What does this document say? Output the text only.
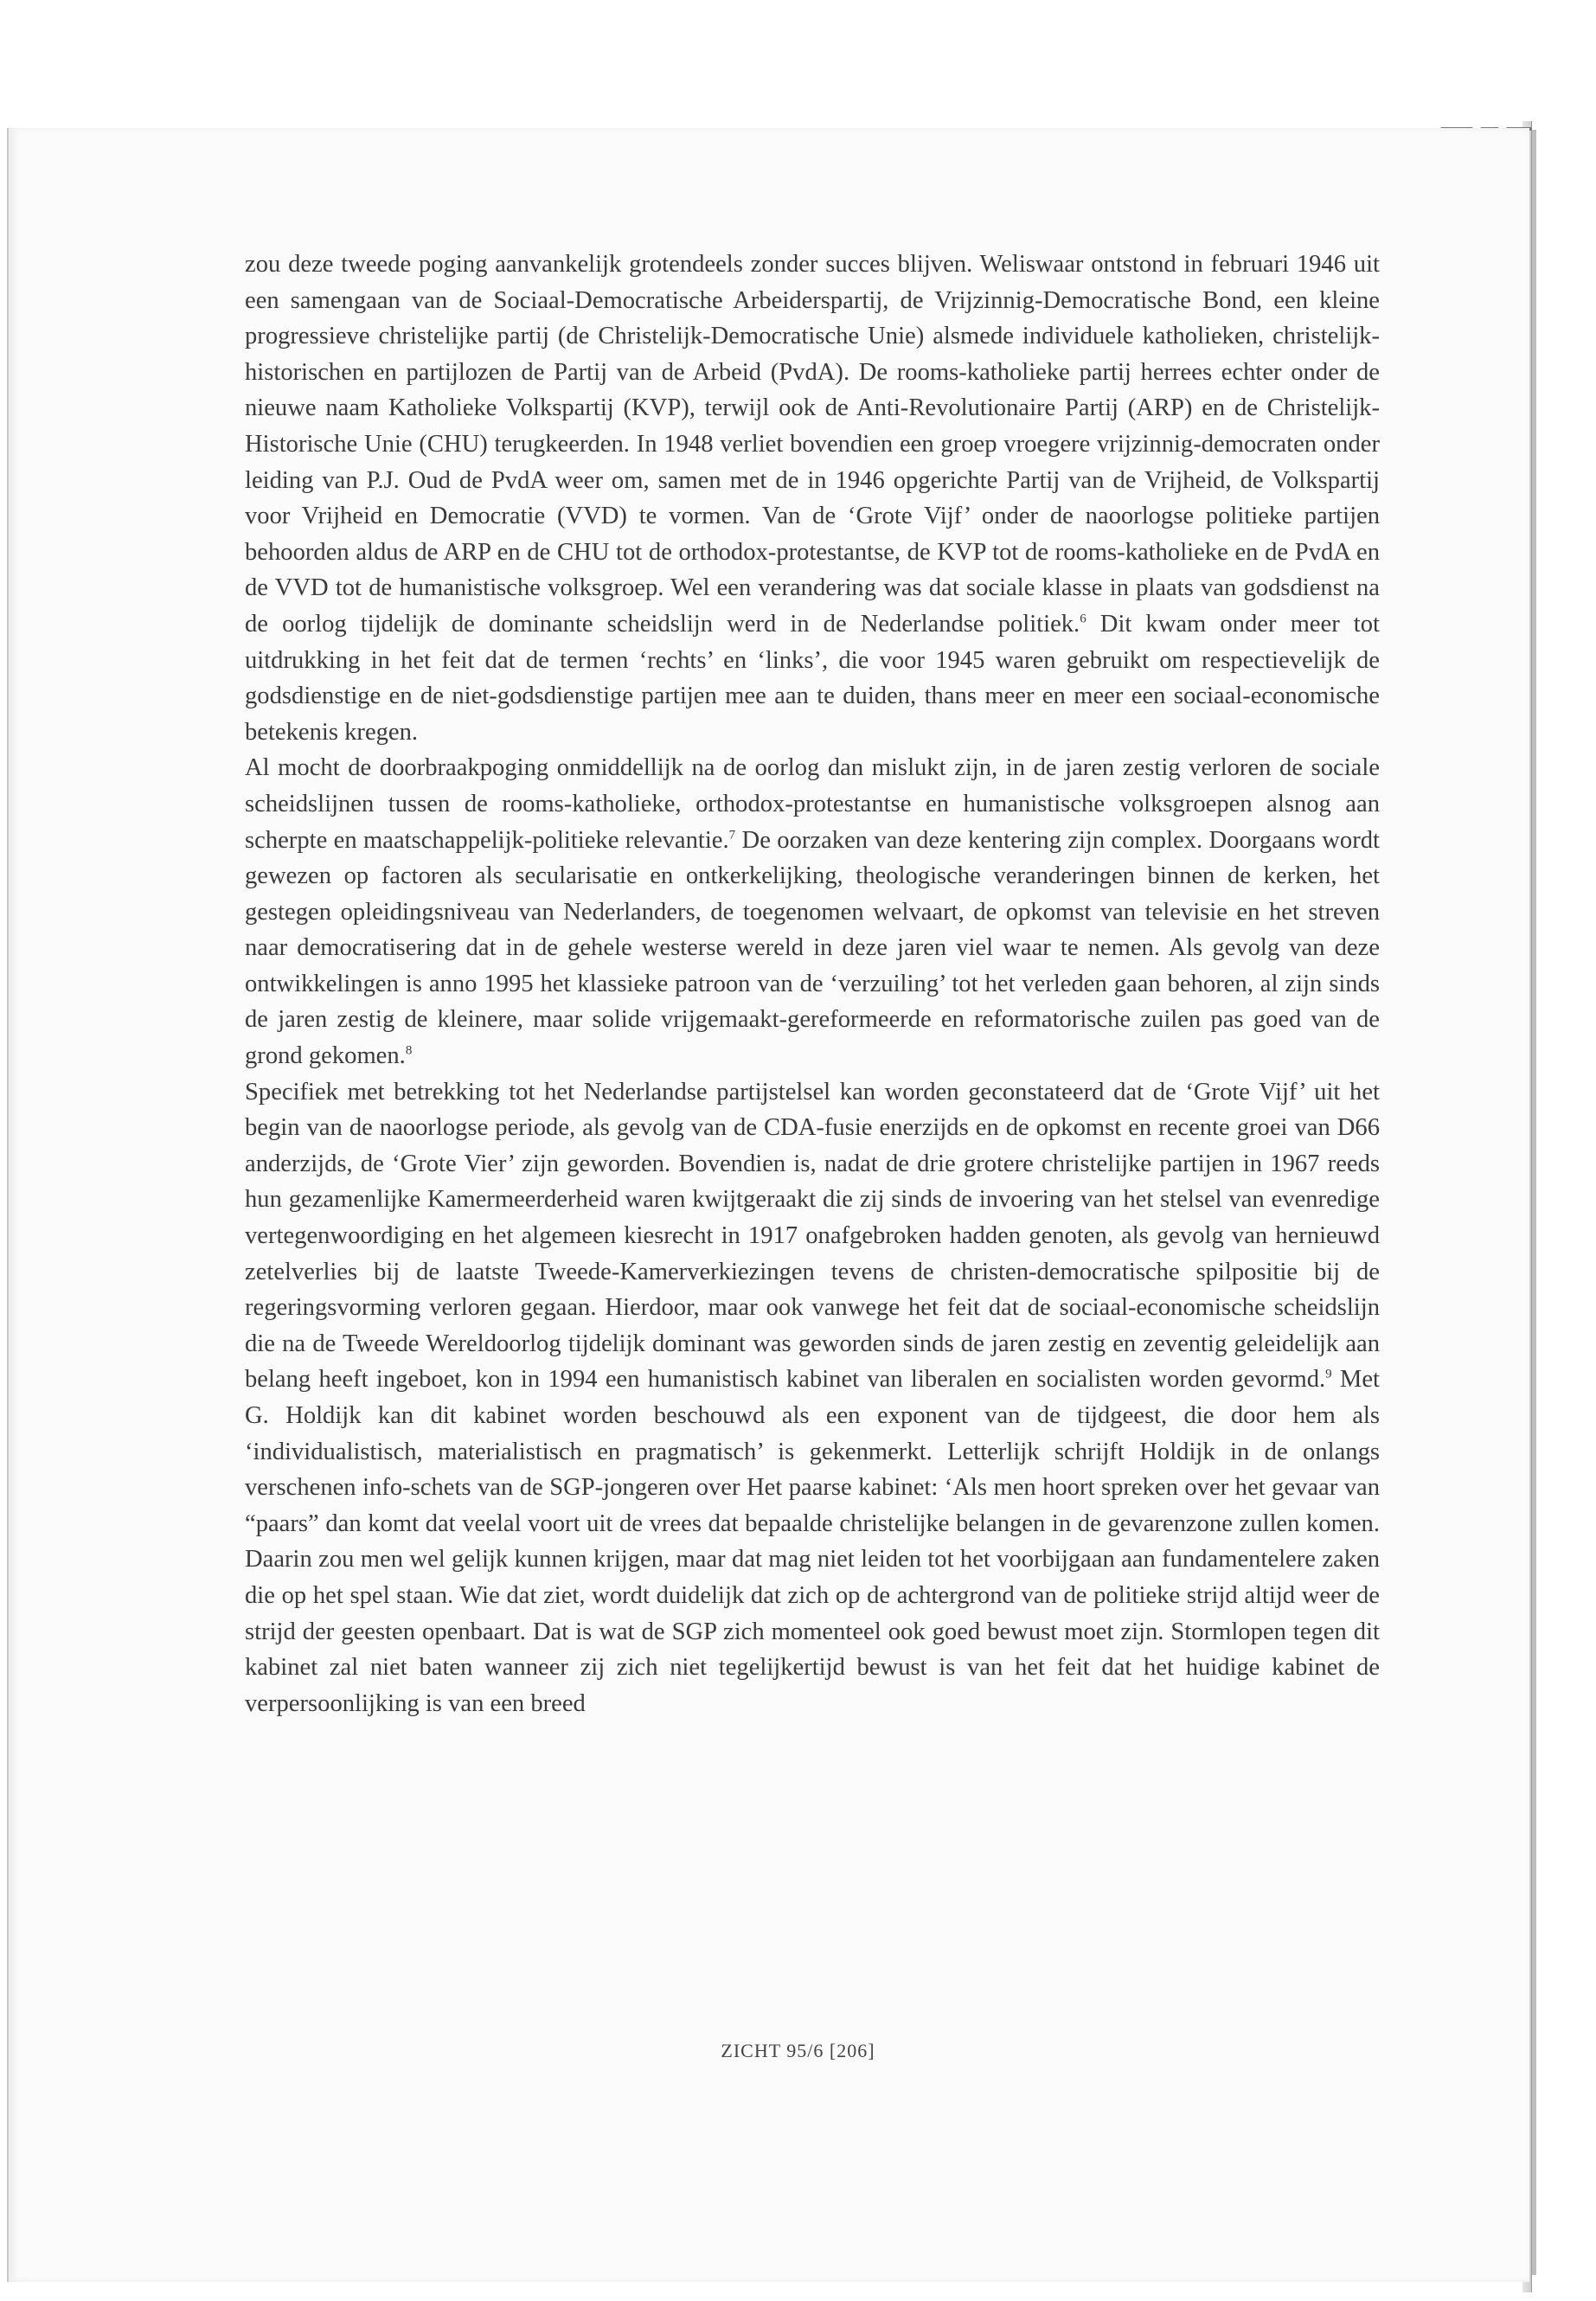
zou deze tweede poging aanvankelijk grotendeels zonder succes blijven. Weliswaar ontstond in februari 1946 uit een samengaan van de Sociaal-Democratische Arbeiderspartij, de Vrijzinnig-Democratische Bond, een kleine progressieve christelijke partij (de Christelijk-Democratische Unie) alsmede individuele katholieken, christelijk-historischen en partijlozen de Partij van de Arbeid (PvdA). De rooms-katholieke partij herrees echter onder de nieuwe naam Katholieke Volkspartij (KVP), terwijl ook de Anti-Revolutionaire Partij (ARP) en de Christelijk-Historische Unie (CHU) terugkeerden. In 1948 verliet bovendien een groep vroegere vrijzinnig-democraten onder leiding van P.J. Oud de PvdA weer om, samen met de in 1946 opgerichte Partij van de Vrijheid, de Volkspartij voor Vrijheid en Democratie (VVD) te vormen. Van de ‘Grote Vijf’ onder de naoorlogse politieke partijen behoorden aldus de ARP en de CHU tot de orthodox-protestantse, de KVP tot de rooms-katholieke en de PvdA en de VVD tot de humanistische volksgroep. Wel een verandering was dat sociale klasse in plaats van godsdienst na de oorlog tijdelijk de dominante scheidslijn werd in de Nederlandse politiek.$^6$ Dit kwam onder meer tot uitdrukking in het feit dat de termen ‘rechts’ en ‘links’, die voor 1945 waren gebruikt om respectievelijk de godsdienstige en de niet-godsdienstige partijen mee aan te duiden, thans meer en meer een sociaal-economische betekenis kregen.

Al mocht de doorbraakpoging onmiddellijk na de oorlog dan mislukt zijn, in de jaren zestig verloren de sociale scheidslijnen tussen de rooms-katholieke, orthodox-protestantse en humanistische volksgroepen alsnog aan scherpte en maatschappelijk-politieke relevantie.$^7$ De oorzaken van deze kentering zijn complex. Doorgaans wordt gewezen op factoren als secularisatie en ontkerkelijking, theologische veranderingen binnen de kerken, het gestegen opleidingsniveau van Nederlanders, de toegenomen welvaart, de opkomst van televisie en het streven naar democratisering dat in de gehele westerse wereld in deze jaren viel waar te nemen. Als gevolg van deze ontwikkelingen is anno 1995 het klassieke patroon van de ‘verzuiling’ tot het verleden gaan behoren, al zijn sinds de jaren zestig de kleinere, maar solide vrijgemaakt-gereformeerde en reformatorische zuilen pas goed van de grond gekomen.$^8$

Specifiek met betrekking tot het Nederlandse partijstelsel kan worden geconstateerd dat de ‘Grote Vijf’ uit het begin van de naoorlogse periode, als gevolg van de CDA-fusie enerzijds en de opkomst en recente groei van D66 anderzijds, de ‘Grote Vier’ zijn geworden. Bovendien is, nadat de drie grotere christelijke partijen in 1967 reeds hun gezamenlijke Kamermeerderheid waren kwijtgeraakt die zij sinds de invoering van het stelsel van evenredige vertegenwoordiging en het algemeen kiesrecht in 1917 onafgebroken hadden genoten, als gevolg van hernieuwd zetelverlies bij de laatste Tweede-Kamerverkiezingen tevens de christen-democratische spilpositie bij de regeringsvorming verloren gegaan. Hierdoor, maar ook vanwege het feit dat de sociaal-economische scheidslijn die na de Tweede Wereldoorlog tijdelijk dominant was geworden sinds de jaren zestig en zeventig geleidelijk aan belang heeft ingeboet, kon in 1994 een humanistisch kabinet van liberalen en socialisten worden gevormd.$^9$ Met G. Holdijk kan dit kabinet worden beschouwd als een exponent van de tijdgeest, die door hem als ‘individualistisch, materialistisch en pragmatisch’ is gekenmerkt. Letterlijk schrijft Holdijk in de onlangs verschenen info-schets van de SGP-jongeren over Het paarse kabinet: ‘Als men hoort spreken over het gevaar van “paars” dan komt dat veelal voort uit de vrees dat bepaalde christelijke belangen in de gevarenzone zullen komen. Daarin zou men wel gelijk kunnen krijgen, maar dat mag niet leiden tot het voorbijgaan aan fundamentelere zaken die op het spel staan. Wie dat ziet, wordt duidelijk dat zich op de achtergrond van de politieke strijd altijd weer de strijd der geesten openbaart. Dat is wat de SGP zich momenteel ook goed bewust moet zijn. Stormlopen tegen dit kabinet zal niet baten wanneer zij zich niet tegelijkertijd bewust is van het feit dat het huidige kabinet de verpersoonlijking is van een breed

ZICHT 95/6 [206]
